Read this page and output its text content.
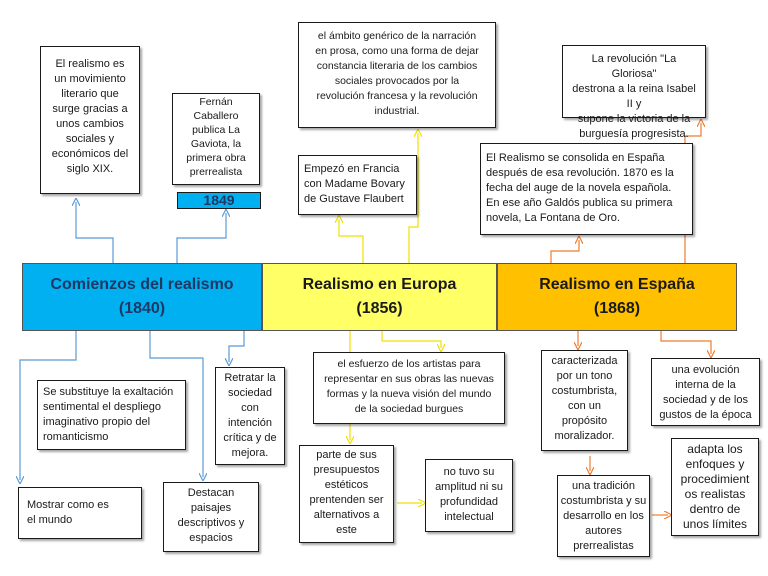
Comienzos del realismo
(1840)
Realismo en Europa
(1856)
Realismo en España
(1868)
1849
El realismo es
un movimiento
literario que
surge gracias a
unos cambios
sociales y
económicos del
siglo XIX.
Fernán
Caballero
publica La
Gaviota, la
primera obra
prerrealista
el ámbito genérico de la narración
en prosa, como una forma de dejar
constancia literaria de los cambios
sociales provocados por la
revolución francesa y la revolución
industrial.
Empezó en Francia
con Madame Bovary
de Gustave Flaubert
La revolución "La Gloriosa"
destrona a la reina Isabel II y
supone la victoria de la
burguesía progresista.
El Realismo se consolida en España
después de esa revolución. 1870 es la
fecha del auge de la novela española.
En ese año Galdós publica su primera
novela, La Fontana de Oro.
Se substituye la exaltación
sentimental el despliego
imaginativo propio del
romanticismo
Mostrar como es
el mundo
Destacan
paisajes
descriptivos y
espacios
Retratar la
sociedad
con
intención
crítica y de
mejora.
el esfuerzo de los artistas para
representar en sus obras las nuevas
formas y la nueva visión del mundo
de la sociedad burgues
parte de sus
presupuestos
estéticos
prentenden ser
alternativos a
este
no tuvo su
amplitud ni su
profundidad
intelectual
caracterizada
por un tono
costumbrista,
con un
propósito
moralizador.
una evolución
interna de la
sociedad y de los
gustos de la época
una tradición
costumbrista y su
desarrollo en los
autores
prerrealistas
adapta los
enfoques y
procedimient
os realistas
dentro de
unos límites
